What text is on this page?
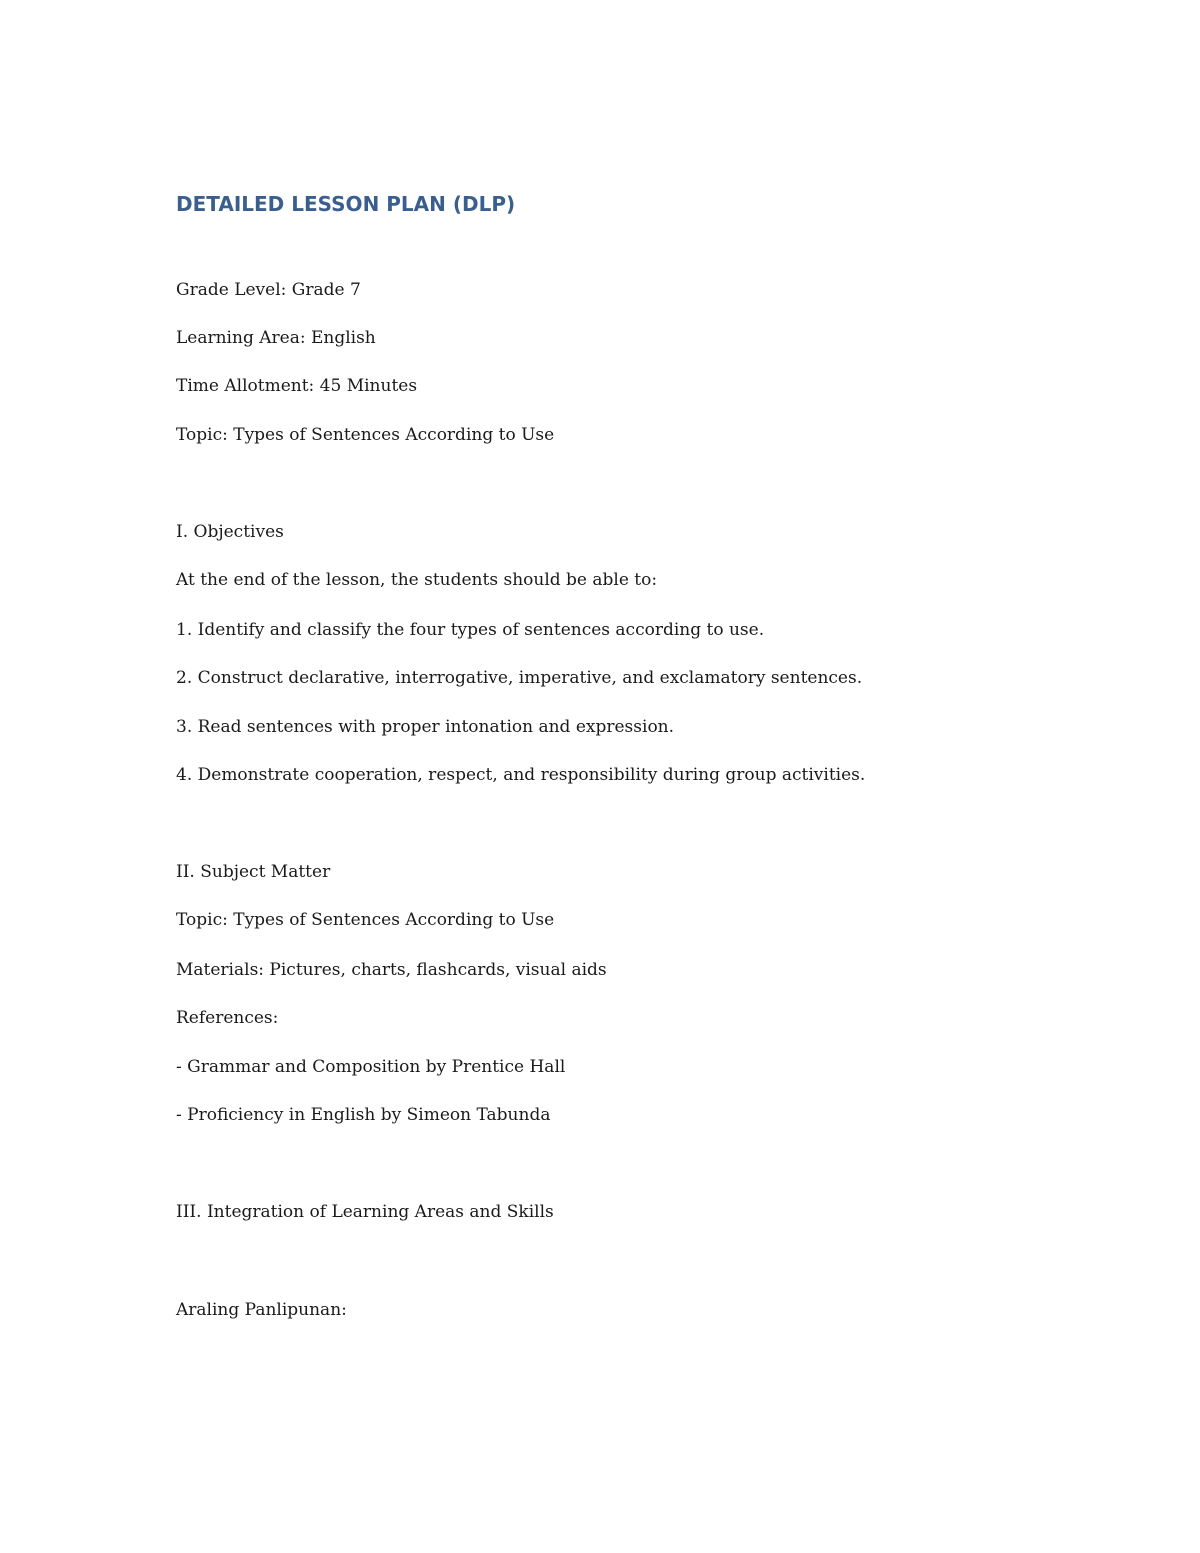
DETAILED LESSON PLAN (DLP)

Grade Level: Grade 7

Learning Area: English

Time Allotment: 45 Minutes

Topic: Types of Sentences According to Use

I. Objectives

At the end of the lesson, the students should be able to:

1. Identify and classify the four types of sentences according to use.

2. Construct declarative, interrogative, imperative, and exclamatory sentences.

3. Read sentences with proper intonation and expression.

4. Demonstrate cooperation, respect, and responsibility during group activities.

II. Subject Matter

Topic: Types of Sentences According to Use

Materials: Pictures, charts, flashcards, visual aids

References:

- Grammar and Composition by Prentice Hall

- Proficiency in English by Simeon Tabunda

III. Integration of Learning Areas and Skills

Araling Panlipunan:
